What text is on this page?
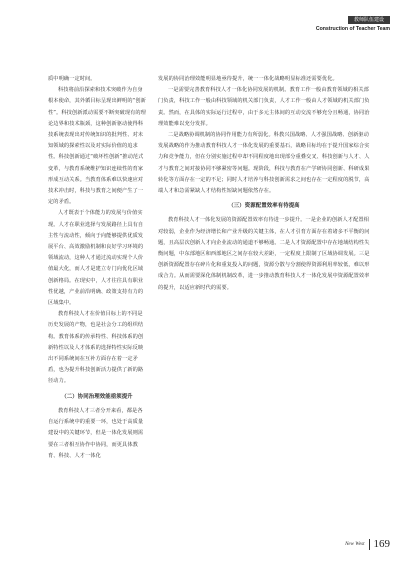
教师队伍建设
Construction of Teacher Team

质中明确一定时间。

科技将前沿探索和技术突破作为自身根本使命，其外循目标呈现出鲜明的“创新性”。科技创新派动需要不断突破现有的理论边界和技术瓶颈，这种创新驱动使得科技系统表现出对传统知识的批判性、对未知领域的探索性以及对实际价值的追求性。科技创新通过“破坏性创新”推动范式变革，与教育系统维护知识连续性的育家形成互动关系。当教育体系难以快速应对技术冲击时，科技与教育之间便产生了一定的矛盾。

人才既表于个体能力的发展与价值实现。人才在职业选择与发展路径上具有自主性与流动性，倾向于向能够提供优质发展平台、高效激励机制和良好学习环境的领域流动，这种人才通过流动实现个人价值最大化，而人才是建立专门向优化区域创新格局。在现实中，人才往往具有职业性优越，产业前沿明确、政策支持有力的区域集中。

教育科技人才在价值目标上的不同是历史发展的产物，也是社会分工的组织结构。教育体系的传承特性、科技体系的创新特性以及人才体系的选择特性实际反映出不同系统间在互补方面存在着一定矛盾，也为提升科技创新活力提供了新的路径动力。

（二）协同治理效能亟须提升

教育科技人才三者分开来看，都是各自运行系统中的重要一环，也处于高质量建设中的关键环节，但是一体化发展则需要在三者相互协作中协同，而更具体教育、科技、人才一体化

发展的协同治理效能明显地亟待提升，统一一体化战略明显标准还需要优化。

一是需要完善教育科技人才一体化协同发展的机制。教育工作一般由教育领域的相关部门负责，科技工作一般由科技领域的机关部门负责，人才工作一般由人才领域的机关部门负责。然而，在具体的实际运行过程中，由于多元主体间的互动交流不够充分且畅通，协同治理效能难以充分发挥。

二是战略协调机制的协同作用能力有所弱化。科教兴国战略、人才强国战略、创新驱动发展战略的作为推动教育科技人才一体化发展的重要基石，战略目标均在于提升国家综合实力和竞争能力，但在分别实施过程中却不同程度地出现部分重叠交叉、科技创新与人才、人才与教育之间对接协同不够紧密等问题。现阶段，科技与教育在产学研协同创新、科研成果转化等方面存在一定的不足；同时人才培养与科技创新需求之间也存在一定程度的脱节，高端人才和急需紧缺人才结构性短缺问题依然存在。

（三）资源配置效率有待提高

教育科技人才一体化发展的资源配置效率有待进一步提升。一是企业的创新人才配置相对较弱，企业作为经济增长和产业升级的关键主体，在人才引育方面存在着诸多不平衡的问题，且高层次创新人才向企业流动的通道不够畅通。二是人才资源配置中存在地域结构性失衡问题，中东部地区和西部地区之间存在较大差距，一定程度上限制了区域协调发展。三是创新资源配置存在碎片化和重复投入的问题，资源分散与分割使得资源利用率较低，难以形成合力。从而需要深化体制机制改革，进一步推动教育科技人才一体化发展中资源配置效率的提升，以适应新时代的需要。

New West 169
